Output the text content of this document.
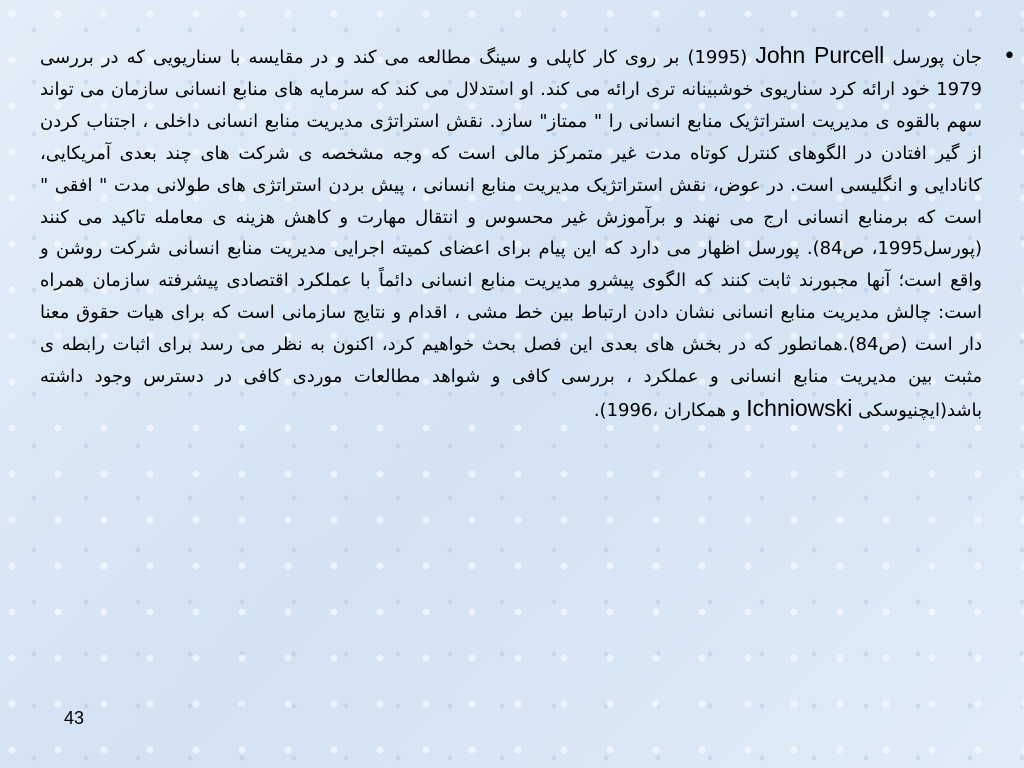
•

جان پورسل John Purcell (1995) بر روی کار کاپلی و سینگ مطالعه می کند و در مقایسه با سناریویی که در بررسی 1979 خود ارائه کرد سناریوی خوشبینانه تری ارائه می کند. او استدلال می کند که سرمایه های منابع انسانی سازمان می تواند سهم بالقوه ی مدیریت استراتژیک منابع انسانی را " ممتاز" سازد. نقش استراتژی مدیریت منابع انسانی داخلی ، اجتناب کردن از گیر افتادن در الگوهای کنترل کوتاه مدت غیر متمرکز مالی است که وجه مشخصه ی شرکت های چند بعدی آمریکایی، کانادایی و انگلیسی است. در عوض، نقش استراتژیک مدیریت منابع انسانی ، پیش بردن استراتژی های طولانی مدت " افقی " است که برمنابع انسانی ارج می نهند و برآموزش غیر محسوس و انتقال مهارت و کاهش هزینه ی معامله تاکید می کنند (پورسل1995، ص84). پورسل اظهار می دارد که این پیام برای اعضای کمیته اجرایی مدیریت منابع انسانی شرکت روشن و واقع است؛ آنها مجبورند ثابت کنند که الگوی پیشرو مدیریت منابع انسانی دائماً با عملکرد اقتصادی پیشرفته سازمان همراه است: چالش مدیریت منابع انسانی نشان دادن ارتباط بین خط مشی ، اقدام و نتایج سازمانی است که برای هیات حقوق معنا دار است (ص84).همانطور که در بخش های بعدی این فصل بحث خواهیم کرد، اکنون به نظر می رسد برای اثبات رابطه ی مثبت بین مدیریت منابع انسانی و عملکرد ، بررسی کافی و شواهد مطالعات موردی کافی در دسترس وجود داشته باشد(ایچنیوسکی Ichniowski و همکاران ،1996).

43
